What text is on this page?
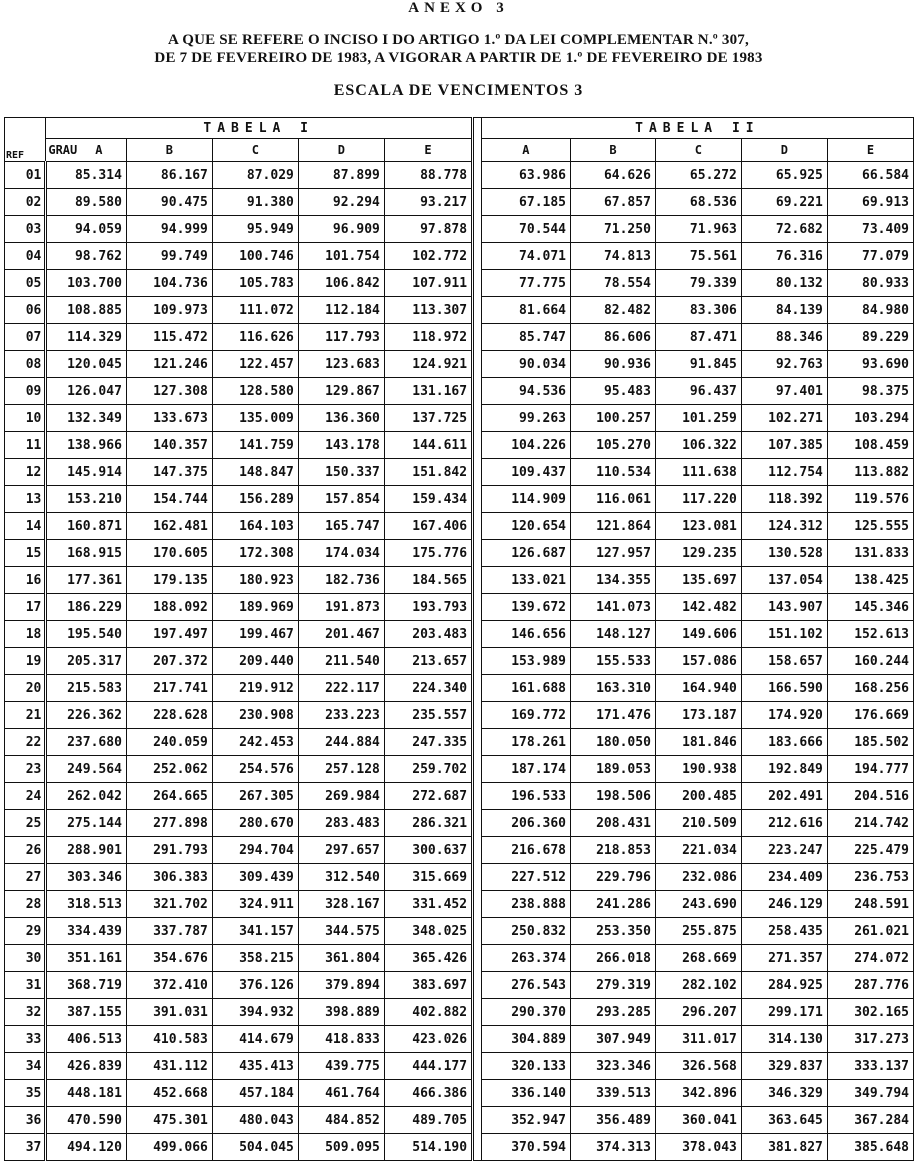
ANEXO 3
A QUE SE REFERE O INCISO I DO ARTIGO 1.º DA LEI COMPLEMENTAR N.º 307,
DE 7 DE FEVEREIRO DE 1983, A VIGORAR A PARTIR DE 1.º DE FEVEREIRO DE 1983
ESCALA DE VENCIMENTOS 3
REF	TABELA I						TABELA II				
	GRAU A	B	C	D	E		A	B	C	D	E
01	85.314	86.167	87.029	87.899	88.778		63.986	64.626	65.272	65.925	66.584
02	89.580	90.475	91.380	92.294	93.217		67.185	67.857	68.536	69.221	69.913
03	94.059	94.999	95.949	96.909	97.878		70.544	71.250	71.963	72.682	73.409
04	98.762	99.749	100.746	101.754	102.772		74.071	74.813	75.561	76.316	77.079
05	103.700	104.736	105.783	106.842	107.911		77.775	78.554	79.339	80.132	80.933
06	108.885	109.973	111.072	112.184	113.307		81.664	82.482	83.306	84.139	84.980
07	114.329	115.472	116.626	117.793	118.972		85.747	86.606	87.471	88.346	89.229
08	120.045	121.246	122.457	123.683	124.921		90.034	90.936	91.845	92.763	93.690
09	126.047	127.308	128.580	129.867	131.167		94.536	95.483	96.437	97.401	98.375
10	132.349	133.673	135.009	136.360	137.725		99.263	100.257	101.259	102.271	103.294
11	138.966	140.357	141.759	143.178	144.611		104.226	105.270	106.322	107.385	108.459
12	145.914	147.375	148.847	150.337	151.842		109.437	110.534	111.638	112.754	113.882
13	153.210	154.744	156.289	157.854	159.434		114.909	116.061	117.220	118.392	119.576
14	160.871	162.481	164.103	165.747	167.406		120.654	121.864	123.081	124.312	125.555
15	168.915	170.605	172.308	174.034	175.776		126.687	127.957	129.235	130.528	131.833
16	177.361	179.135	180.923	182.736	184.565		133.021	134.355	135.697	137.054	138.425
17	186.229	188.092	189.969	191.873	193.793		139.672	141.073	142.482	143.907	145.346
18	195.540	197.497	199.467	201.467	203.483		146.656	148.127	149.606	151.102	152.613
19	205.317	207.372	209.440	211.540	213.657		153.989	155.533	157.086	158.657	160.244
20	215.583	217.741	219.912	222.117	224.340		161.688	163.310	164.940	166.590	168.256
21	226.362	228.628	230.908	233.223	235.557		169.772	171.476	173.187	174.920	176.669
22	237.680	240.059	242.453	244.884	247.335		178.261	180.050	181.846	183.666	185.502
23	249.564	252.062	254.576	257.128	259.702		187.174	189.053	190.938	192.849	194.777
24	262.042	264.665	267.305	269.984	272.687		196.533	198.506	200.485	202.491	204.516
25	275.144	277.898	280.670	283.483	286.321		206.360	208.431	210.509	212.616	214.742
26	288.901	291.793	294.704	297.657	300.637		216.678	218.853	221.034	223.247	225.479
27	303.346	306.383	309.439	312.540	315.669		227.512	229.796	232.086	234.409	236.753
28	318.513	321.702	324.911	328.167	331.452		238.888	241.286	243.690	246.129	248.591
29	334.439	337.787	341.157	344.575	348.025		250.832	253.350	255.875	258.435	261.021
30	351.161	354.676	358.215	361.804	365.426		263.374	266.018	268.669	271.357	274.072
31	368.719	372.410	376.126	379.894	383.697		276.543	279.319	282.102	284.925	287.776
32	387.155	391.031	394.932	398.889	402.882		290.370	293.285	296.207	299.171	302.165
33	406.513	410.583	414.679	418.833	423.026		304.889	307.949	311.017	314.130	317.273
34	426.839	431.112	435.413	439.775	444.177		320.133	323.346	326.568	329.837	333.137
35	448.181	452.668	457.184	461.764	466.386		336.140	339.513	342.896	346.329	349.794
36	470.590	475.301	480.043	484.852	489.705		352.947	356.489	360.041	363.645	367.284
37	494.120	499.066	504.045	509.095	514.190		370.594	374.313	378.043	381.827	385.648
